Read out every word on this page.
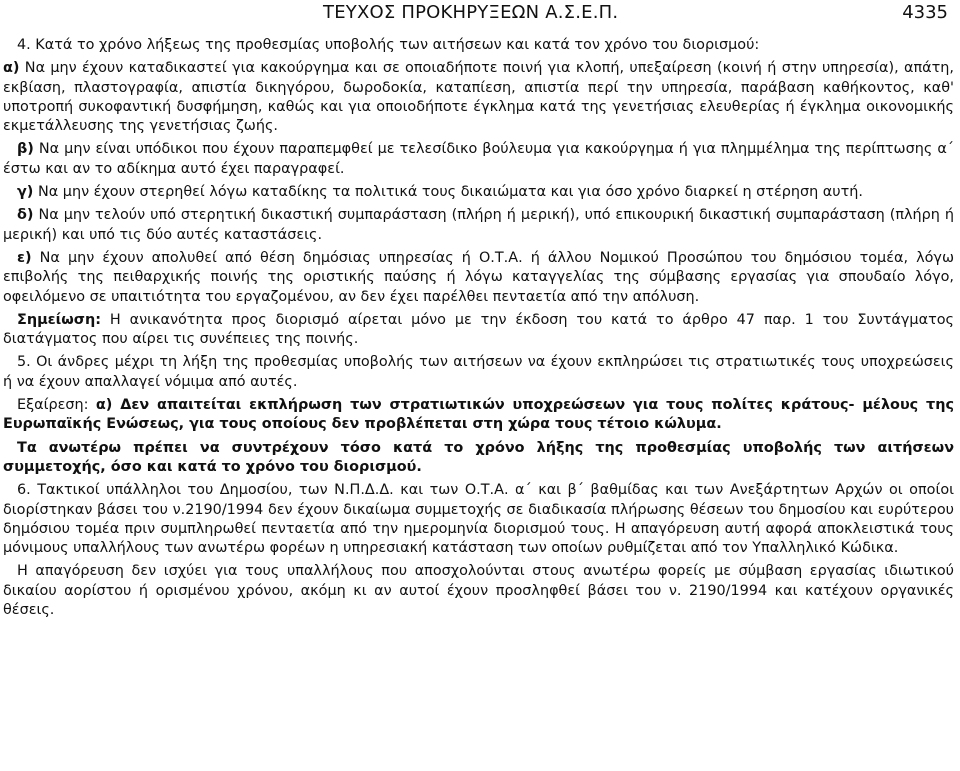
ΤΕΥΧΟΣ ΠΡΟΚΗΡΥΞΕΩΝ Α.Σ.Ε.Π.	4335

4. Κατά το χρόνο λήξεως της προθεσμίας υποβολής των αιτήσεων και κατά τον χρόνο του διορισμού:

α) Να μην έχουν καταδικαστεί για κακούργημα και σε οποιαδήποτε ποινή για κλοπή, υπεξαίρεση (κοινή ή στην υπηρεσία), απάτη, εκβίαση, πλαστογραφία, απιστία δικηγόρου, δωροδοκία, καταπίεση, απιστία περί την υπηρεσία, παράβαση καθήκοντος, καθ' υποτροπή συκοφαντική δυσφήμηση, καθώς και για οποιοδήποτε έγκλημα κατά της γενετήσιας ελευθερίας ή έγκλημα οικονομικής εκμετάλλευσης της γενετήσιας ζωής.

β) Να μην είναι υπόδικοι που έχουν παραπεμφθεί με τελεσίδικο βούλευμα για κακούργημα ή για πλημμέλημα της περίπτωσης α΄ έστω και αν το αδίκημα αυτό έχει παραγραφεί.

γ) Να μην έχουν στερηθεί λόγω καταδίκης τα πολιτικά τους δικαιώματα και για όσο χρόνο διαρκεί η στέρηση αυτή.

δ) Να μην τελούν υπό στερητική δικαστική συμπαράσταση (πλήρη ή μερική), υπό επικουρική δικαστική συμπαράσταση (πλήρη ή μερική) και υπό τις δύο αυτές καταστάσεις.

ε) Να μην έχουν απολυθεί από θέση δημόσιας υπηρεσίας ή Ο.Τ.Α. ή άλλου Νομικού Προσώπου του δημόσιου τομέα, λόγω επιβολής της πειθαρχικής ποινής της οριστικής παύσης ή λόγω καταγγελίας της σύμβασης εργασίας για σπουδαίο λόγο, οφειλόμενο σε υπαιτιότητα του εργαζομένου, αν δεν έχει παρέλθει πενταετία από την απόλυση.

Σημείωση: Η ανικανότητα προς διορισμό αίρεται μόνο με την έκδοση του κατά το άρθρο 47 παρ. 1 του Συντάγματος διατάγματος που αίρει τις συνέπειες της ποινής.

5. Οι άνδρες μέχρι τη λήξη της προθεσμίας υποβολής των αιτήσεων να έχουν εκπληρώσει τις στρατιωτικές τους υποχρεώσεις ή να έχουν απαλλαγεί νόμιμα από αυτές.

Εξαίρεση: α) Δεν απαιτείται εκπλήρωση των στρατιωτικών υποχρεώσεων για τους πολίτες κράτους- μέλους της Ευρωπαϊκής Ενώσεως, για τους οποίους δεν προβλέπεται στη χώρα τους τέτοιο κώλυμα.

Τα ανωτέρω πρέπει να συντρέχουν τόσο κατά το χρόνο λήξης της προθεσμίας υποβολής των αιτήσεων συμμετοχής, όσο και κατά το χρόνο του διορισμού.

6. Τακτικοί υπάλληλοι του Δημοσίου, των Ν.Π.Δ.Δ. και των Ο.Τ.Α. α΄ και β΄ βαθμίδας και των Ανεξάρτητων Αρχών οι οποίοι διορίστηκαν βάσει του ν.2190/1994 δεν έχουν δικαίωμα συμμετοχής σε διαδικασία πλήρωσης θέσεων του δημοσίου και ευρύτερου δημόσιου τομέα πριν συμπληρωθεί πενταετία από την ημερομηνία διορισμού τους. Η απαγόρευση αυτή αφορά αποκλειστικά τους μόνιμους υπαλλήλους των ανωτέρω φορέων η υπηρεσιακή κατάσταση των οποίων ρυθμίζεται από τον Υπαλληλικό Κώδικα.

Η απαγόρευση δεν ισχύει για τους υπαλλήλους που αποσχολούνται στους ανωτέρω φορείς με σύμβαση εργασίας ιδιωτικού δικαίου αορίστου ή ορισμένου χρόνου, ακόμη κι αν αυτοί έχουν προσληφθεί βάσει του ν. 2190/1994 και κατέχουν οργανικές θέσεις.
